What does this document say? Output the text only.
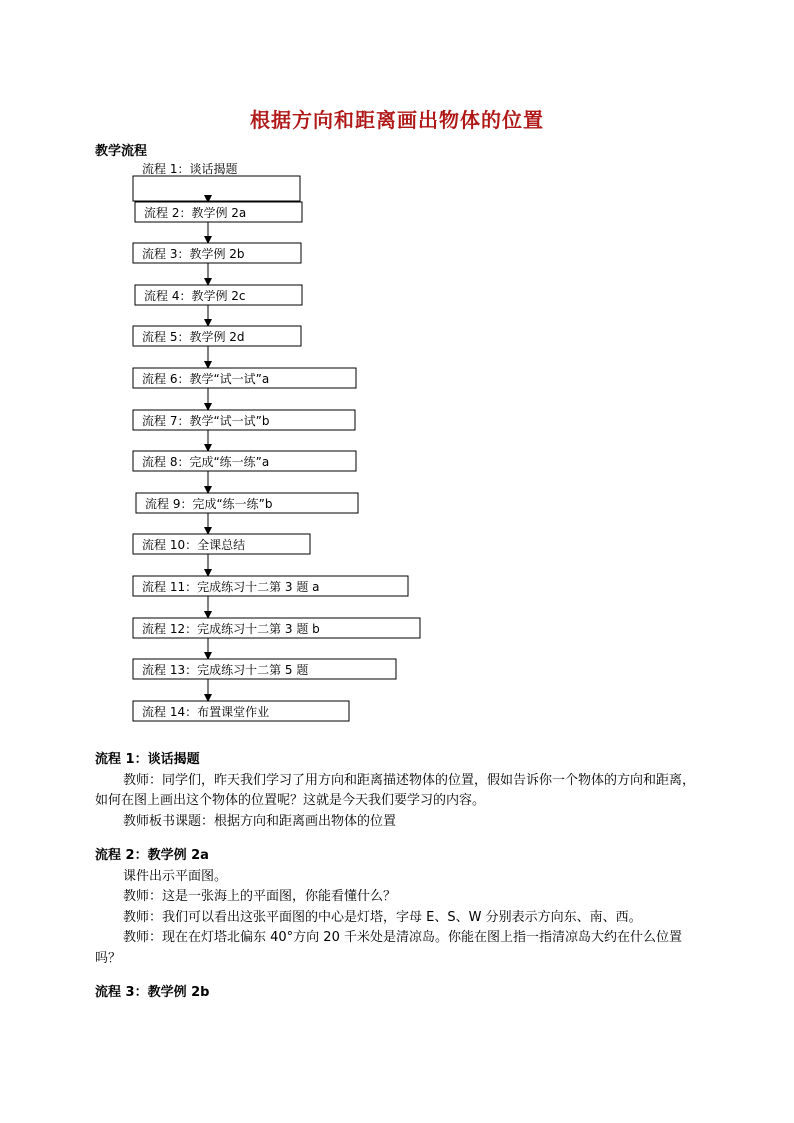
根据方向和距离画出物体的位置
教学流程
流程 1：谈话揭题
流程 2：教学例 2a
流程 3：教学例 2b
流程 4：教学例 2c
流程 5：教学例 2d
流程 6：教学“试一试”a
流程 7：教学“试一试”b
流程 8：完成“练一练”a
流程 9：完成“练一练”b
流程 10：全课总结
流程 11：完成练习十二第 3 题 a
流程 12：完成练习十二第 3 题 b
流程 13：完成练习十二第 5 题
流程 14：布置课堂作业

流程 1：谈话揭题

教师：同学们，昨天我们学习了用方向和距离描述物体的位置，假如告诉你一个物体的方向和距离，如何在图上画出这个物体的位置呢？这就是今天我们要学习的内容。

教师板书课题：根据方向和距离画出物体的位置

流程 2：教学例 2a

课件出示平面图。

教师：这是一张海上的平面图，你能看懂什么？

教师：我们可以看出这张平面图的中心是灯塔，字母 E、S、W 分别表示方向东、南、西。

教师：现在在灯塔北偏东 40°方向 20 千米处是清凉岛。你能在图上指一指清凉岛大约在什么位置吗？

流程 3：教学例 2b
